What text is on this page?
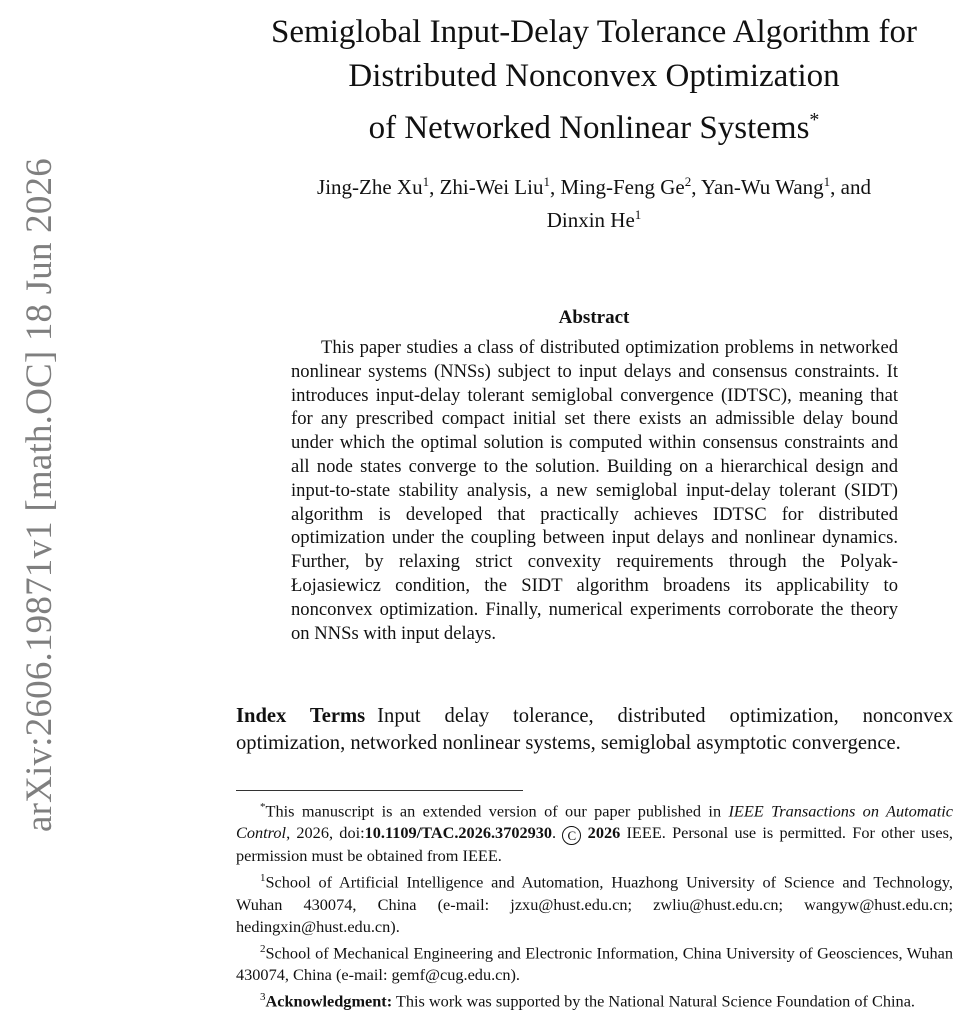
arXiv:2606.19871v1 [math.OC] 18 Jun 2026
Semiglobal Input-Delay Tolerance Algorithm for
Distributed Nonconvex Optimization
of Networked Nonlinear Systems*
Jing-Zhe Xu$^1$, Zhi-Wei Liu$^1$, Ming-Feng Ge$^2$, Yan-Wu Wang$^1$, and
Dinxin He$^1$
Abstract

This paper studies a class of distributed optimization problems in networked nonlinear systems (NNSs) subject to input delays and consensus constraints. It introduces input-delay tolerant semiglobal convergence (IDTSC), meaning that for any prescribed compact initial set there exists an admissible delay bound under which the optimal solution is computed within consensus constraints and all node states converge to the solution. Building on a hierarchical design and input-to-state stability analysis, a new semiglobal input-delay tolerant (SIDT) algorithm is developed that practically achieves IDTSC for distributed optimization under the coupling between input delays and nonlinear dynamics. Further, by relaxing strict convexity requirements through the Polyak-Łojasiewicz condition, the SIDT algorithm broadens its applicability to nonconvex optimization. Finally, numerical experiments corroborate the theory on NNSs with input delays.

Index Terms Input delay tolerance, distributed optimization, nonconvex optimization, networked nonlinear systems, semiglobal asymptotic convergence.

*This manuscript is an extended version of our paper published in IEEE Transactions on Automatic Control, 2026, doi:10.1109/TAC.2026.3702930. C 2026 IEEE. Personal use is permitted. For other uses, permission must be obtained from IEEE.

$^1$School of Artificial Intelligence and Automation, Huazhong University of Science and Technology, Wuhan 430074, China (e-mail: jzxu@hust.edu.cn; zwliu@hust.edu.cn; wangyw@hust.edu.cn; hedingxin@hust.edu.cn).

$^2$School of Mechanical Engineering and Electronic Information, China University of Geosciences, Wuhan 430074, China (e-mail: gemf@cug.edu.cn).

$^3$Acknowledgment: This work was supported by the National Natural Science Foundation of China.
